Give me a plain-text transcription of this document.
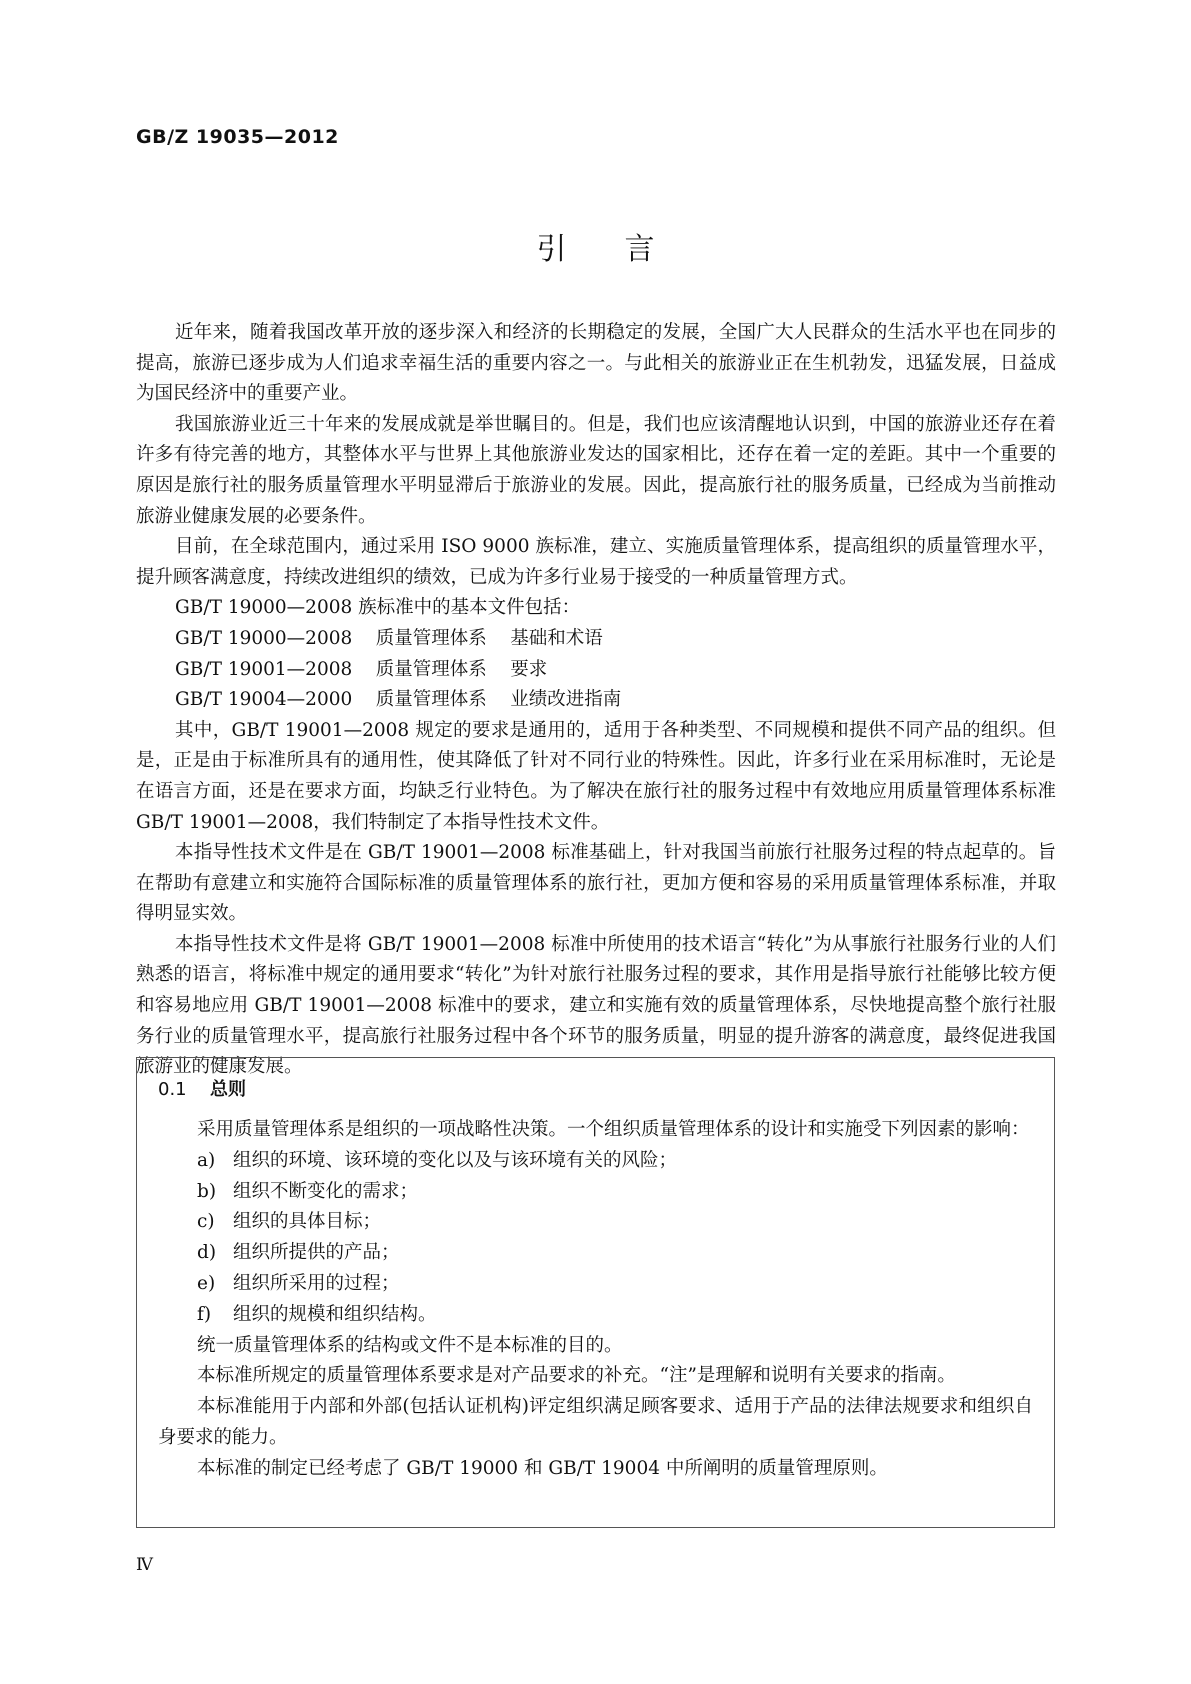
GB/Z 19035—2012
引言

近年来，随着我国改革开放的逐步深入和经济的长期稳定的发展，全国广大人民群众的生活水平也在同步的提高，旅游已逐步成为人们追求幸福生活的重要内容之一。与此相关的旅游业正在生机勃发，迅猛发展，日益成为国民经济中的重要产业。

我国旅游业近三十年来的发展成就是举世瞩目的。但是，我们也应该清醒地认识到，中国的旅游业还存在着许多有待完善的地方，其整体水平与世界上其他旅游业发达的国家相比，还存在着一定的差距。其中一个重要的原因是旅行社的服务质量管理水平明显滞后于旅游业的发展。因此，提高旅行社的服务质量，已经成为当前推动旅游业健康发展的必要条件。

目前，在全球范围内，通过采用 ISO 9000 族标准，建立、实施质量管理体系，提高组织的质量管理水平，提升顾客满意度，持续改进组织的绩效，已成为许多行业易于接受的一种质量管理方式。

GB/T 19000—2008 族标准中的基本文件包括：

GB/T 19000—2008    质量管理体系    基础和术语

GB/T 19001—2008    质量管理体系    要求

GB/T 19004—2000    质量管理体系    业绩改进指南

其中，GB/T 19001—2008 规定的要求是通用的，适用于各种类型、不同规模和提供不同产品的组织。但是，正是由于标准所具有的通用性，使其降低了针对不同行业的特殊性。因此，许多行业在采用标准时，无论是在语言方面，还是在要求方面，均缺乏行业特色。为了解决在旅行社的服务过程中有效地应用质量管理体系标准 GB/T 19001—2008，我们特制定了本指导性技术文件。

本指导性技术文件是在 GB/T 19001—2008 标准基础上，针对我国当前旅行社服务过程的特点起草的。旨在帮助有意建立和实施符合国际标准的质量管理体系的旅行社，更加方便和容易的采用质量管理体系标准，并取得明显实效。

本指导性技术文件是将 GB/T 19001—2008 标准中所使用的技术语言“转化”为从事旅行社服务行业的人们熟悉的语言，将标准中规定的通用要求“转化”为针对旅行社服务过程的要求，其作用是指导旅行社能够比较方便和容易地应用 GB/T 19001—2008 标准中的要求，建立和实施有效的质量管理体系，尽快地提高整个旅行社服务行业的质量管理水平，提高旅行社服务过程中各个环节的服务质量，明显的提升游客的满意度，最终促进我国旅游业的健康发展。

0.1 总则

采用质量管理体系是组织的一项战略性决策。一个组织质量管理体系的设计和实施受下列因素的影响：

a) 组织的环境、该环境的变化以及与该环境有关的风险；

b) 组织不断变化的需求；

c) 组织的具体目标；

d) 组织所提供的产品；

e) 组织所采用的过程；

f) 组织的规模和组织结构。

统一质量管理体系的结构或文件不是本标准的目的。

本标准所规定的质量管理体系要求是对产品要求的补充。“注”是理解和说明有关要求的指南。

本标准能用于内部和外部(包括认证机构)评定组织满足顾客要求、适用于产品的法律法规要求和组织自身要求的能力。

本标准的制定已经考虑了 GB/T 19000 和 GB/T 19004 中所阐明的质量管理原则。

Ⅳ
